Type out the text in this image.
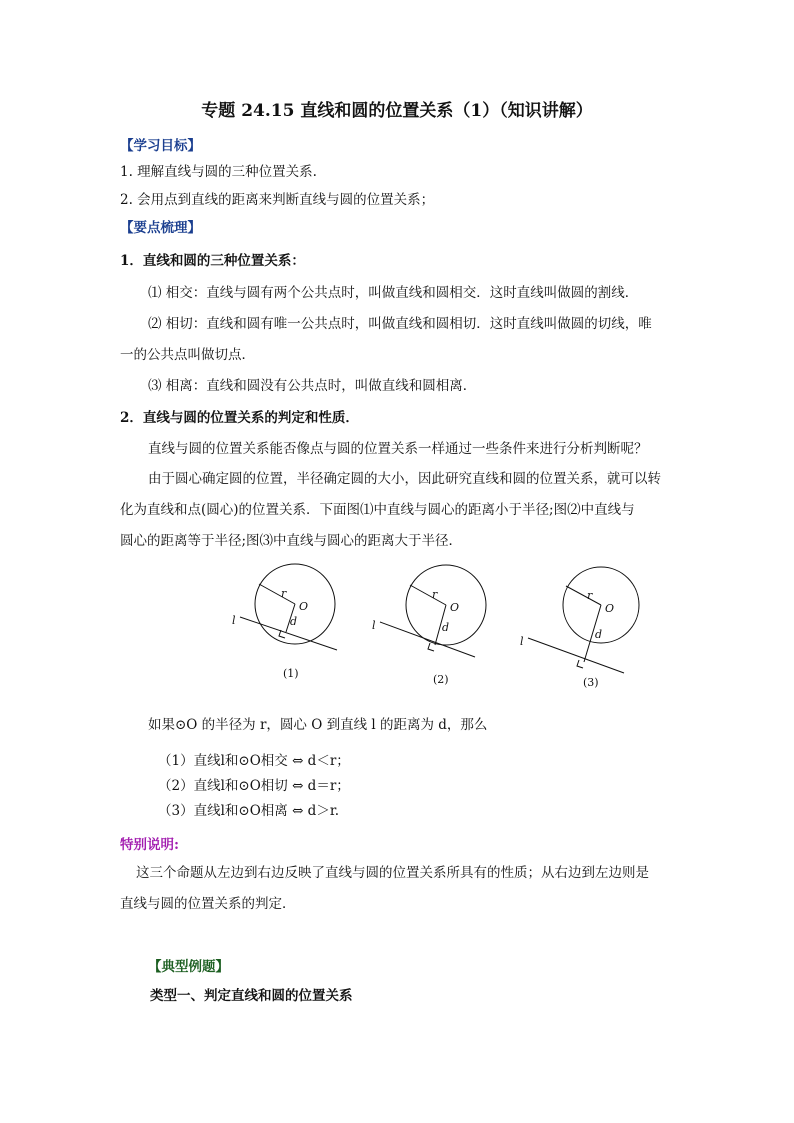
专题 24.15 直线和圆的位置关系（1）（知识讲解）
【学习目标】
1. 理解直线与圆的三种位置关系.
2. 会用点到直线的距离来判断直线与圆的位置关系；
【要点梳理】
1．直线和圆的三种位置关系：
⑴ 相交：直线与圆有两个公共点时，叫做直线和圆相交．这时直线叫做圆的割线．
⑵ 相切：直线和圆有唯一公共点时，叫做直线和圆相切．这时直线叫做圆的切线，唯
一的公共点叫做切点．
⑶ 相离：直线和圆没有公共点时，叫做直线和圆相离．
2．直线与圆的位置关系的判定和性质．
直线与圆的位置关系能否像点与圆的位置关系一样通过一些条件来进行分析判断呢？
由于圆心确定圆的位置，半径确定圆的大小，因此研究直线和圆的位置关系，就可以转
化为直线和点(圆心)的位置关系．下面图⑴中直线与圆心的距离小于半径;图⑵中直线与
圆心的距离等于半径;图⑶中直线与圆心的距离大于半径．
r
O
d
l
r
O
d
l
r
O
d
l
(1)	(2)	(3)
如果⊙O 的半径为 r，圆心 O 到直线 l 的距离为 d，那么
（1）直线l和⊙O相交 ⇔ d＜r；
（2）直线l和⊙O相切 ⇔ d＝r；
（3）直线l和⊙O相离 ⇔ d＞r.
特别说明:
这三个命题从左边到右边反映了直线与圆的位置关系所具有的性质；从右边到左边则是
直线与圆的位置关系的判定．
【典型例题】
类型一、判定直线和圆的位置关系
